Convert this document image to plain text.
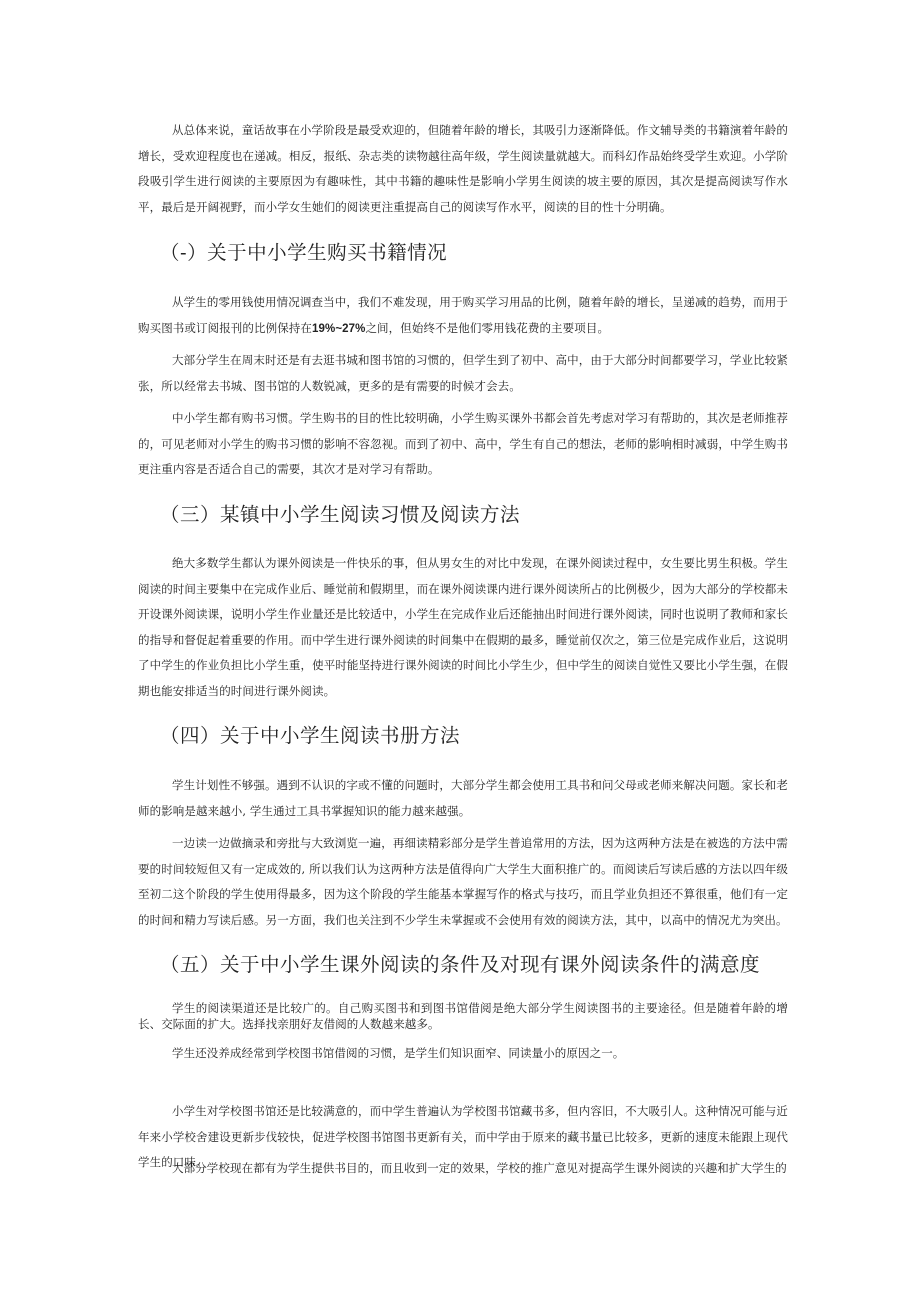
从总体来说，童话故事在小学阶段是最受欢迎的，但随着年龄的增长，其吸引力逐渐降低。作文辅导类的书籍演着年龄的增长，受欢迎程度也在递减。相反，报纸、杂志类的读物越往高年级，学生阅读量就越大。而科幻作品始终受学生欢迎。小学阶段吸引学生进行阅读的主要原因为有趣味性，其中书籍的趣味性是影响小学男生阅读的坡主要的原因，其次是提高阅读写作水平，最后是开阔视野，而小学女生她们的阅读更注重提高自己的阅读写作水平，阅读的目的性十分明确。

（-）关于中小学生购买书籍情况

从学生的零用钱使用情况调查当中，我们不难发现，用于购买学习用品的比例，随着年龄的增长，呈递减的趋势，而用于购买图书或订阅报刊的比例保持在19%~27%之间，但始终不是他们零用钱花费的主要项目。

大部分学生在周末时还是有去逛书城和图书馆的习惯的，但学生到了初中、高中，由于大部分时间都要学习，学业比较紧张，所以经常去书城、图书馆的人数锐减，更多的是有需要的时候才会去。

中小学生都有购书习惯。学生购书的目的性比较明确，小学生购买课外书都会首先考虑对学习有帮助的，其次是老师推荐的，可见老师对小学生的购书习惯的影响不容忽视。而到了初中、高中，学生有自己的想法，老师的影响相时减弱，中学生购书更注重内容是否适合自己的需要，其次才是对学习有帮助。

（三）某镇中小学生阅读习惯及阅读方法

绝大多数学生都认为课外阅读是一件快乐的事，但从男女生的对比中发现，在课外阅读过程中，女生要比男生积极。学生阅读的时间主要集中在完成作业后、睡觉前和假期里，而在课外阅读课内进行课外阅读所占的比例极少，因为大部分的学校都未开设课外阅读课，说明小学生作业量还是比较适中，小学生在完成作业后还能抽出时间进行课外阅读，同时也说明了教师和家长的指导和督促起着重要的作用。而中学生进行课外阅读的时间集中在假期的最多，睡觉前仅次之，第三位是完成作业后，这说明了中学生的作业负担比小学生重，使平时能坚持进行课外阅读的时间比小学生少，但中学生的阅读自觉性又要比小学生强，在假期也能安排适当的时间进行课外阅读。

（四）关于中小学生阅读书册方法

学生计划性不够强。遇到不认识的字或不懂的问题时，大部分学生都会使用工具书和问父母或老师来解决问题。家长和老师的影响是越来越小, 学生通过工具书掌握知识的能力越来越强。

一边读一边做摘录和旁批与大致浏览一遍，再细读精彩部分是学生普追常用的方法，因为这两种方法是在被选的方法中需要的时间较短但又有一定成效的, 所以我们认为这两种方法是值得向广大学生大面积推广的。而阅读后写读后感的方法以四年级至初二这个阶段的学生使用得最多，因为这个阶段的学生能基本掌握写作的格式与技巧，而且学业负担还不算很重，他们有一定的时间和精力写读后感。另一方面，我们也关注到不少学生未掌握或不会使用有效的阅读方法，其中，以高中的情况尤为突出。

（五）关于中小学生课外阅读的条件及对现有课外阅读条件的满意度

学生的阅读渠道还是比较广的。自己购买图书和到图书馆借阅是绝大部分学生阅读图书的主要途径。但是随着年龄的增长、交际面的扩大。选择找亲朋好友借阅的人数越来越多。

学生还没养成经常到学校图书馆借阅的习惯，是学生们知识面窄、同读量小的原因之一。

小学生对学校图书馆还是比较满意的，而中学生普遍认为学校图书馆藏书多，但内容旧，不大吸引人。这种情况可能与近年来小学校舍建设更新步伐较快，促进学校图书馆图书更新有关，而中学由于原来的藏书量已比较多，更新的速度未能跟上现代学生的口味。

大部分学校现在都有为学生提供书目的，而且收到一定的效果，学校的推广意见对提高学生课外阅读的兴趣和扩大学生的
